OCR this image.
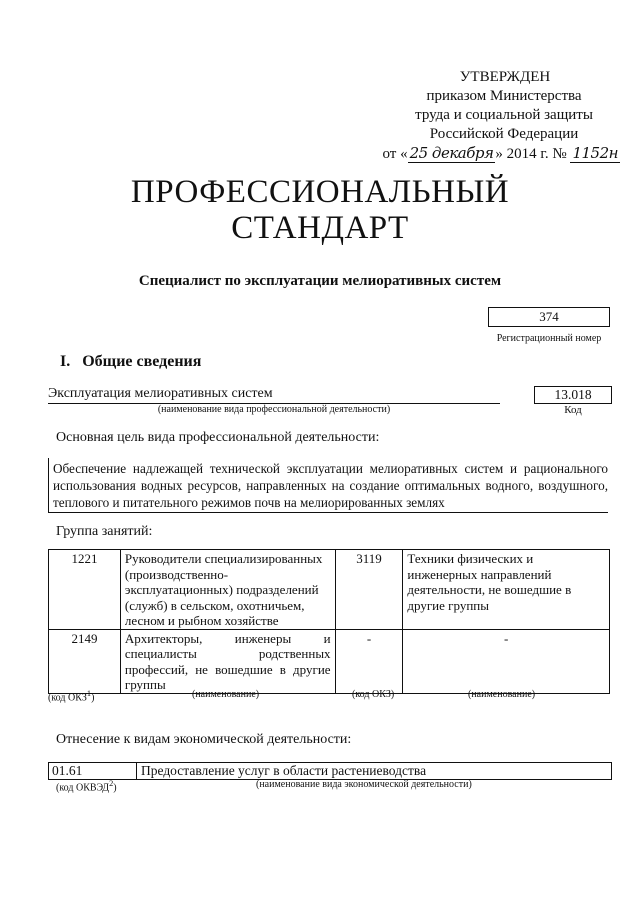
УТВЕРЖДЕН
приказом Министерства
труда и социальной защиты
Российской Федерации
от « 25 декабря » 2014 г. № 1152н
ПРОФЕССИОНАЛЬНЫЙ
СТАНДАРТ
Специалист по эксплуатации мелиоративных систем
374
Регистрационный номер
I. Общие сведения
Эксплуатация мелиоративных систем
(наименование вида профессиональной деятельности)
13.018
Код
Основная цель вида профессиональной деятельности:
Обеспечение надлежащей технической эксплуатации мелиоративных систем и рационального использования водных ресурсов, направленных на создание оптимальных водного, воздушного, теплового и питательного режимов почв на мелиорированных землях
Группа занятий:
1221	Руководители специализированных (производственно-эксплуатационных) подразделений (служб) в сельском, охотничьем, лесном и рыбном хозяйстве	3119	Техники физических и инженерных направлений деятельности, не вошедшие в другие группы
2149	Архитекторы, инженеры и специалисты родственных профессий, не вошедшие в другие группы	-	-
(код ОКЗ$^1$)	(наименование)	(код ОКЗ)	(наименование)
Отнесение к видам экономической деятельности:
01.61	Предоставление услуг в области растениеводства
(код ОКВЭД$^2$)	(наименование вида экономической деятельности)
